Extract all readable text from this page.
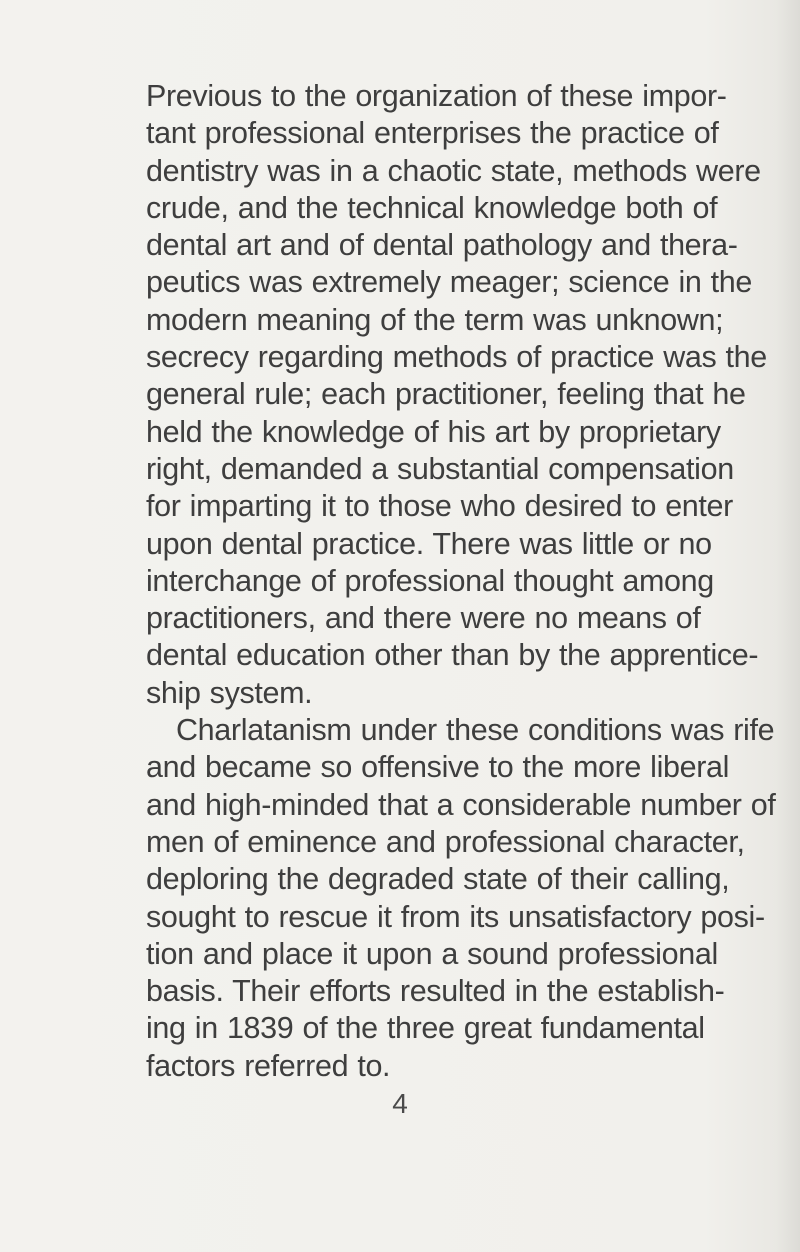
Previous to the organization of these impor-
tant professional enterprises the practice of
dentistry was in a chaotic state, methods were
crude, and the technical knowledge both of
dental art and of dental pathology and thera-
peutics was extremely meager; science in the
modern meaning of the term was unknown;
secrecy regarding methods of practice was the
general rule; each practitioner, feeling that he
held the knowledge of his art by proprietary
right, demanded a substantial compensation
for imparting it to those who desired to enter
upon dental practice. There was little or no
interchange of professional thought among
practitioners, and there were no means of
dental education other than by the apprentice-
ship system.
Charlatanism under these conditions was rife
and became so offensive to the more liberal
and high-minded that a considerable number of
men of eminence and professional character,
deploring the degraded state of their calling,
sought to rescue it from its unsatisfactory posi-
tion and place it upon a sound professional
basis. Their efforts resulted in the establish-
ing in 1839 of the three great fundamental
factors referred to.
4
